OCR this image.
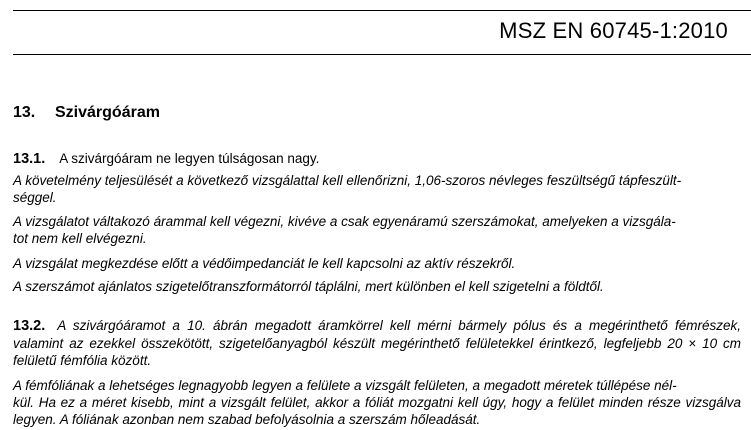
MSZ EN 60745-1:2010
13. Szivárgóáram

13.1. A szivárgóáram ne legyen túlságosan nagy.

A követelmény teljesülését a következő vizsgálattal kell ellenőrizni, 1,06-szoros névleges feszültségű tápfeszült-
séggel.

A vizsgálatot váltakozó árammal kell végezni, kivéve a csak egyenáramú szerszámokat, amelyeken a vizsgála-
tot nem kell elvégezni.

A vizsgálat megkezdése előtt a védőimpedanciát le kell kapcsolni az aktív részekről.

A szerszámot ajánlatos szigetelőtranszformátorról táplálni, mert különben el kell szigetelni a földtől.

13.2. A szivárgóáramot a 10. ábrán megadott áramkörrel kell mérni bármely pólus és a megérinthető fémrészek, valamint az ezekkel összekötött, szigetelőanyagból készült megérinthető felületekkel érintkező, legfeljebb 20 × 10 cm felületű fémfólia között.

A fémfóliának a lehetséges legnagyobb legyen a felülete a vizsgált felületen, a megadott méretek túllépése nél-
kül. Ha ez a méret kisebb, mint a vizsgált felület, akkor a fóliát mozgatni kell úgy, hogy a felület minden része vizsgálva legyen. A fóliának azonban nem szabad befolyásolnia a szerszám hőleadását.
